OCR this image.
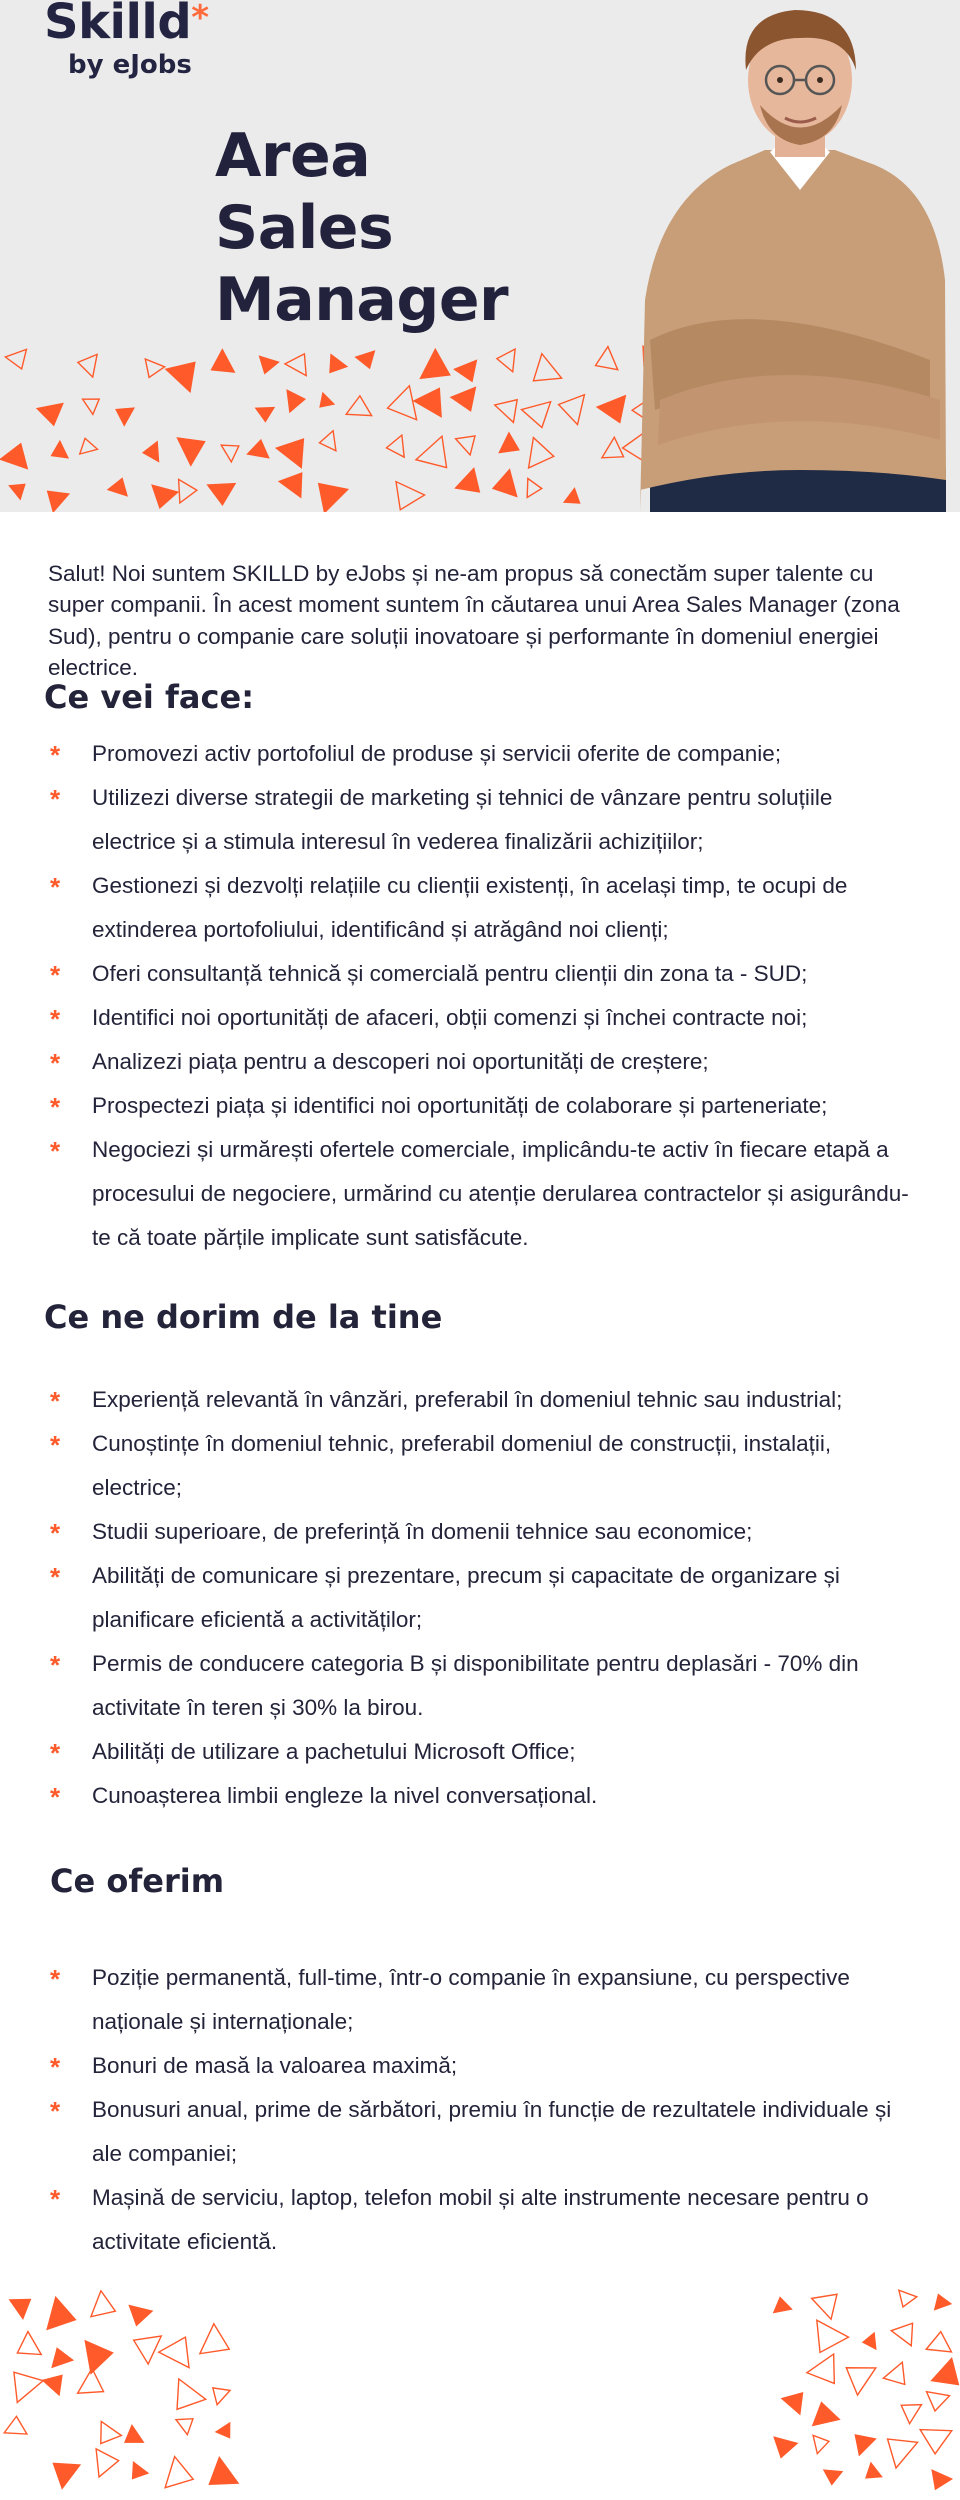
Skilld*
by eJobs
Area
Sales
Manager

Salut! Noi suntem SKILLD by eJobs și ne-am propus să conectăm super talente cu super companii. În acest moment suntem în căutarea unui Area Sales Manager (zona Sud), pentru o companie care soluții inovatoare și performante în domeniul energiei electrice.

Ce vei face:
* Promovezi activ portofoliul de produse și servicii oferite de companie;
* Utilizezi diverse strategii de marketing și tehnici de vânzare pentru soluțiile electrice și a stimula interesul în vederea finalizării achizițiilor;
* Gestionezi și dezvolți relațiile cu clienții existenți, în același timp, te ocupi de extinderea portofoliului, identificând și atrăgând noi clienți;
* Oferi consultanță tehnică și comercială pentru clienții din zona ta - SUD;
* Identifici noi oportunități de afaceri, obții comenzi și închei contracte noi;
* Analizezi piața pentru a descoperi noi oportunități de creștere;
* Prospectezi piața și identifici noi oportunități de colaborare și parteneriate;
* Negociezi și urmărești ofertele comerciale, implicându-te activ în fiecare etapă a procesului de negociere, urmărind cu atenție derularea contractelor și asigurându-te că toate părțile implicate sunt satisfăcute.
Ce ne dorim de la tine
* Experiență relevantă în vânzări, preferabil în domeniul tehnic sau industrial;
* Cunoștințe în domeniul tehnic, preferabil domeniul de construcții, instalații, electrice;
* Studii superioare, de preferință în domenii tehnice sau economice;
* Abilități de comunicare și prezentare, precum și capacitate de organizare și planificare eficientă a activităților;
* Permis de conducere categoria B și disponibilitate pentru deplasări - 70% din activitate în teren și 30% la birou.
* Abilități de utilizare a pachetului Microsoft Office;
* Cunoașterea limbii engleze la nivel conversațional.
Ce oferim
* Poziție permanentă, full-time, într-o companie în expansiune, cu perspective naționale și internaționale;
* Bonuri de masă la valoarea maximă;
* Bonusuri anual, prime de sărbători, premiu în funcție de rezultatele individuale și ale companiei;
* Mașină de serviciu, laptop, telefon mobil și alte instrumente necesare pentru o activitate eficientă.
